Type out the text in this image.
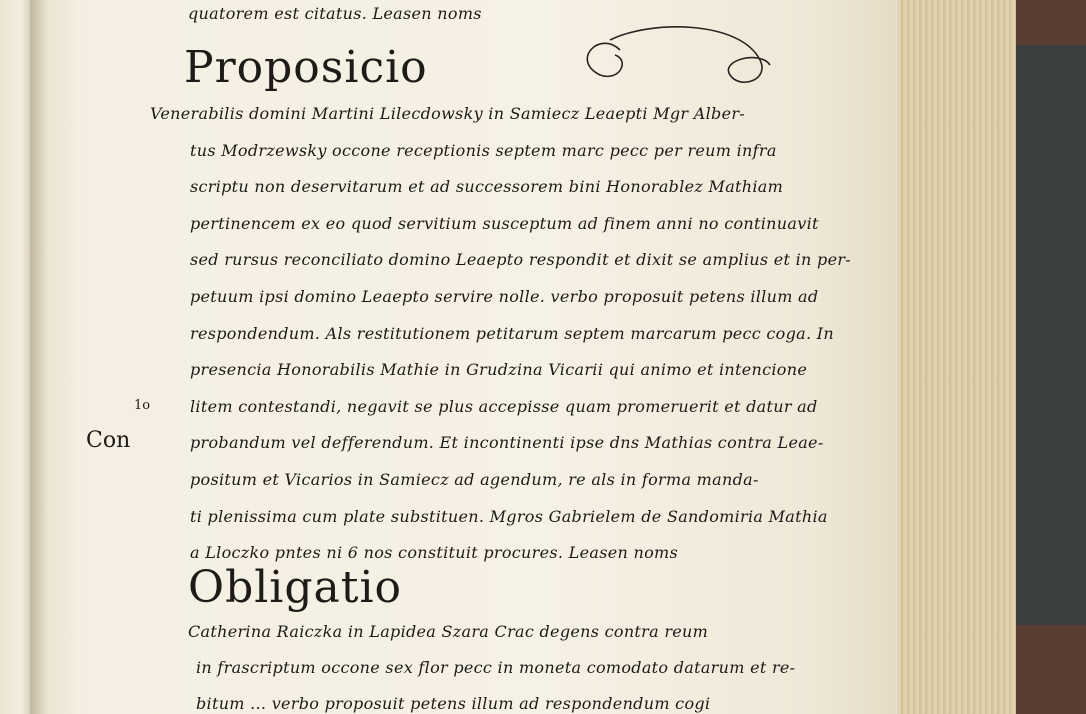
quatorem est citatus. Leasen noms
Proposicio
Venerabilis domini Martini Lilecdowsky in Samiecz Leaepti Mgr Alber-
tus Modrzewsky occone receptionis septem marc pecc per reum infra
scriptu non deservitarum et ad successorem bini Honorablez Mathiam
pertinencem ex eo quod servitium susceptum ad finem anni no continuavit
sed rursus reconciliato domino Leaepto respondit et dixit se amplius et in per-
petuum ipsi domino Leaepto servire nolle. verbo proposuit petens illum ad
respondendum. Als restitutionem petitarum septem marcarum pecc coga. In
presencia Honorabilis Mathie in Grudzina Vicarii qui animo et intencione
litem contestandi, negavit se plus accepisse quam promeruerit et datur ad
probandum vel defferendum. Et incontinenti ipse dns Mathias contra Leae-
positum et Vicarios in Samiecz ad agendum, re als in forma manda-
ti plenissima cum plate substituen. Mgros Gabrielem de Sandomiria Mathia
a Lloczko pntes ni 6 nos constituit procures. Leasen noms
1o
Con
Obligatio
Catherina Raiczka in Lapidea Szara Crac degens contra reum
in frascriptum occone sex flor pecc in moneta comodato datarum et re-
bitum ... verbo proposuit petens illum ad respondendum cogi
